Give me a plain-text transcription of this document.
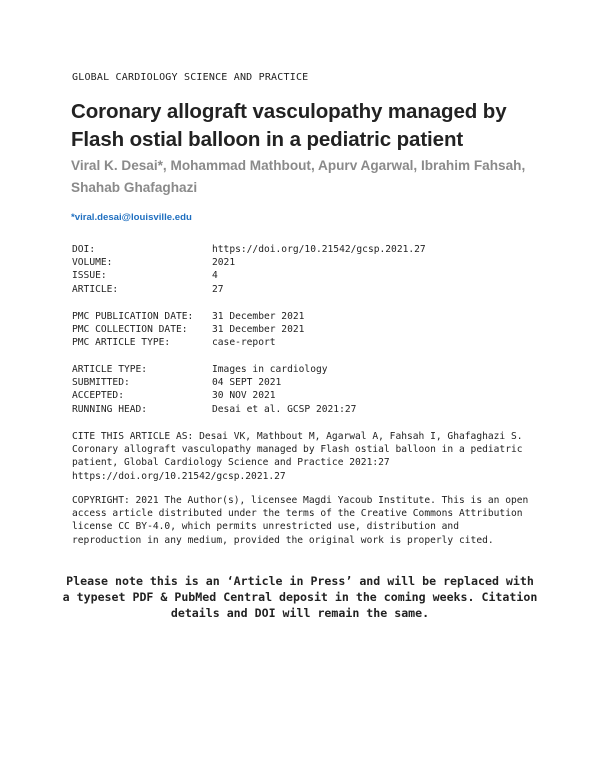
GLOBAL CARDIOLOGY SCIENCE AND PRACTICE
Coronary allograft vasculopathy managed by Flash ostial balloon in a pediatric patient
Viral K. Desai*, Mohammad Mathbout, Apurv Agarwal, Ibrahim Fahsah, Shahab Ghafaghazi
*viral.desai@louisville.edu
DOI:	https://doi.org/10.21542/gcsp.2021.27
VOLUME:	2021
ISSUE:	4
ARTICLE:	27
PMC PUBLICATION DATE:	31 December 2021
PMC COLLECTION DATE:	31 December 2021
PMC ARTICLE TYPE:	case-report
ARTICLE TYPE:	Images in cardiology
SUBMITTED:	04 SEPT 2021
ACCEPTED:	30 NOV 2021
RUNNING HEAD:	Desai et al. GCSP 2021:27

CITE THIS ARTICLE AS: Desai VK, Mathbout M, Agarwal A, Fahsah I, Ghafaghazi S. Coronary allograft vasculopathy managed by Flash ostial balloon in a pediatric patient, Global Cardiology Science and Practice 2021:27 https://doi.org/10.21542/gcsp.2021.27

COPYRIGHT: 2021 The Author(s), licensee Magdi Yacoub Institute. This is an open access article distributed under the terms of the Creative Commons Attribution license CC BY-4.0, which permits unrestricted use, distribution and reproduction in any medium, provided the original work is properly cited.

Please note this is an ‘Article in Press’ and will be replaced with a typeset PDF & PubMed Central deposit in the coming weeks. Citation details and DOI will remain the same.
